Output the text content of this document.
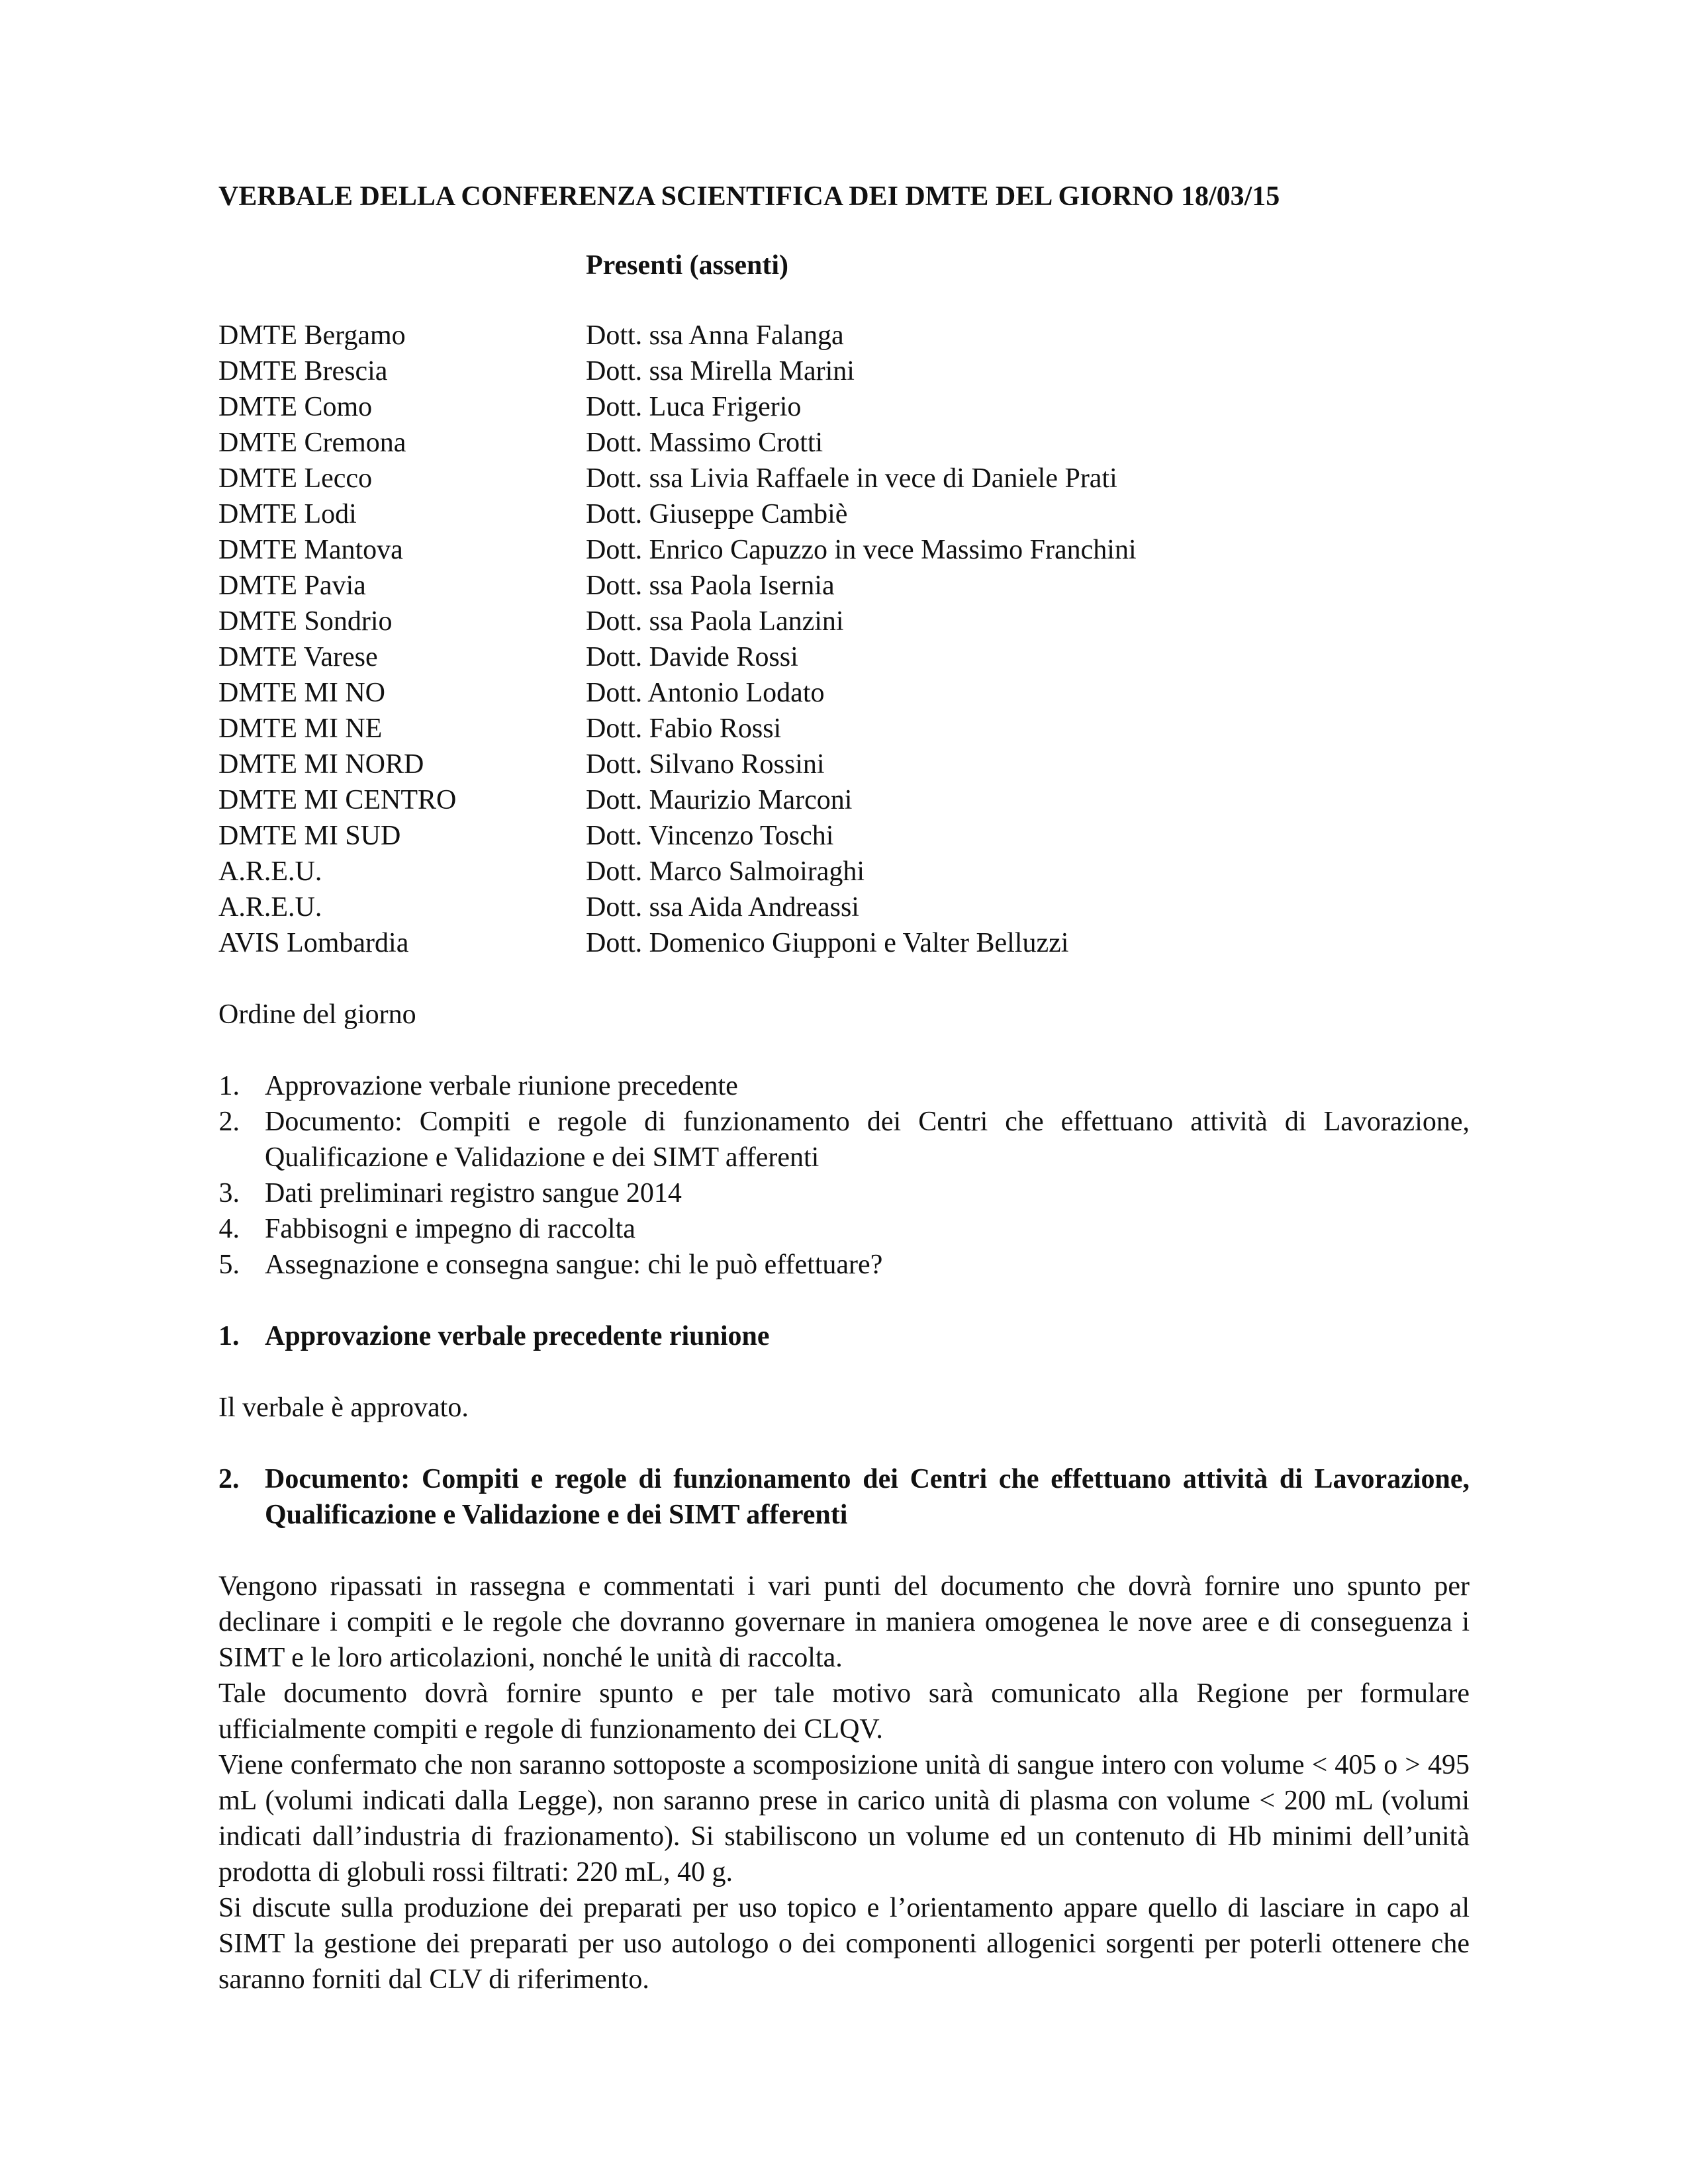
VERBALE DELLA CONFERENZA SCIENTIFICA DEI DMTE DEL GIORNO 18/03/15

Presenti (assenti)

DMTE Bergamo	Dott. ssa Anna Falanga
DMTE Brescia	Dott. ssa Mirella Marini
DMTE Como	Dott. Luca Frigerio
DMTE Cremona	Dott. Massimo Crotti
DMTE Lecco	Dott. ssa Livia Raffaele in vece di Daniele Prati
DMTE Lodi	Dott. Giuseppe Cambiè
DMTE Mantova	Dott. Enrico Capuzzo in vece Massimo Franchini
DMTE Pavia	Dott. ssa Paola Isernia
DMTE Sondrio	Dott. ssa Paola Lanzini
DMTE Varese	Dott. Davide Rossi
DMTE MI NO	Dott. Antonio Lodato
DMTE MI NE	Dott. Fabio Rossi
DMTE MI NORD	Dott. Silvano Rossini
DMTE MI CENTRO	Dott. Maurizio Marconi
DMTE MI SUD	Dott. Vincenzo Toschi
A.R.E.U.	Dott. Marco Salmoiraghi
A.R.E.U.	Dott. ssa Aida Andreassi
AVIS Lombardia	Dott. Domenico Giupponi e Valter Belluzzi
Ordine del giorno
1. Approvazione verbale riunione precedente
2. Documento: Compiti e regole di funzionamento dei Centri che effettuano attività di Lavorazione, Qualificazione e Validazione e dei SIMT afferenti
3. Dati preliminari registro sangue 2014
4. Fabbisogni e impegno di raccolta
5. Assegnazione e consegna sangue: chi le può effettuare?
1. Approvazione verbale precedente riunione

Il verbale è approvato.

2. Documento: Compiti e regole di funzionamento dei Centri che effettuano attività di Lavorazione, Qualificazione e Validazione e dei SIMT afferenti

Vengono ripassati in rassegna e commentati i vari punti del documento che dovrà fornire uno spunto per declinare i compiti e le regole che dovranno governare in maniera omogenea le nove aree e di conseguenza i SIMT e le loro articolazioni, nonché le unità di raccolta.

Tale documento dovrà fornire spunto e per tale motivo sarà comunicato alla Regione per formulare ufficialmente compiti e regole di funzionamento dei CLQV.

Viene confermato che non saranno sottoposte a scomposizione unità di sangue intero con volume < 405 o > 495 mL (volumi indicati dalla Legge), non saranno prese in carico unità di plasma con volume < 200 mL (volumi indicati dall’industria di frazionamento). Si stabiliscono un volume ed un contenuto di Hb minimi dell’unità prodotta di globuli rossi filtrati: 220 mL, 40 g.

Si discute sulla produzione dei preparati per uso topico e l’orientamento appare quello di lasciare in capo al SIMT la gestione dei preparati per uso autologo o dei componenti allogenici sorgenti per poterli ottenere che saranno forniti dal CLV di riferimento.
